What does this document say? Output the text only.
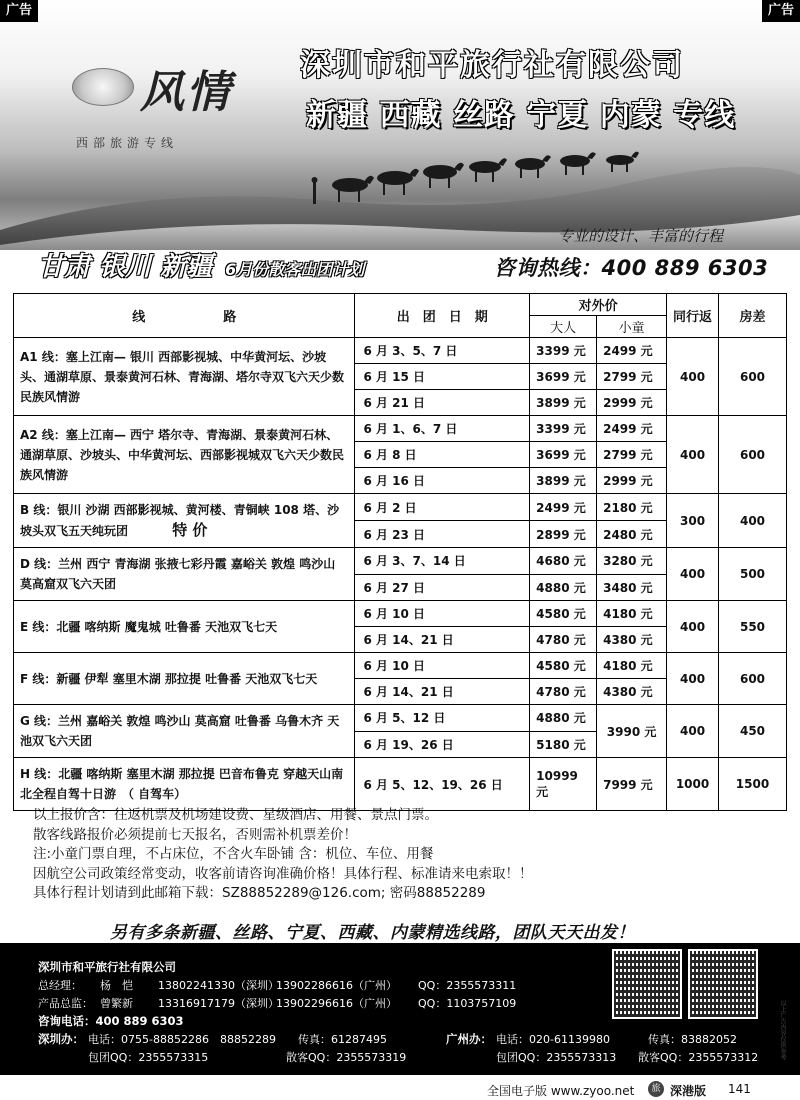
广告	广告
风情
西部旅游专线
深圳市和平旅行社有限公司
新疆 西藏 丝路 宁夏 内蒙 专线
专业的设计、丰富的行程
甘肃 银川 新疆 6月份散客出团计划	咨询热线：400 889 6303
线　　　　　　路	出　团　日　期	对外价		同行返	房差
		大人	小童		
A1 线：塞上江南— 银川 西部影视城、中华黄河坛、沙坡头、通湖草原、景泰黄河石林、青海湖、塔尔寺双飞六天少数民族风情游	6 月 3、5、7 日	3399 元	2499 元	400	600
	6 月 15 日	3699 元	2799 元		
	6 月 21 日	3899 元	2999 元		
A2 线：塞上江南— 西宁 塔尔寺、青海湖、景泰黄河石林、通湖草原、沙坡头、中华黄河坛、西部影视城双飞六天少数民族风情游	6 月 1、6、7 日	3399 元	2499 元	400	600
	6 月 8 日	3699 元	2799 元		
	6 月 16 日	3899 元	2999 元		
B 线：银川 沙湖 西部影视城、黄河楼、青铜峡 108 塔、沙坡头双飞五天纯玩团 特 价	6 月 2 日	2499 元	2180 元	300	400
	6 月 23 日	2899 元	2480 元		
D 线：兰州 西宁 青海湖 张掖七彩丹霞 嘉峪关 敦煌 鸣沙山 莫高窟双飞六天团	6 月 3、7、14 日	4680 元	3280 元	400	500
	6 月 27 日	4880 元	3480 元		
E 线：北疆 喀纳斯 魔鬼城 吐鲁番 天池双飞七天	6 月 10 日	4580 元	4180 元	400	550
	6 月 14、21 日	4780 元	4380 元		
F 线：新疆 伊犁 塞里木湖 那拉提 吐鲁番 天池双飞七天	6 月 10 日	4580 元	4180 元	400	600
	6 月 14、21 日	4780 元	4380 元		
G 线：兰州 嘉峪关 敦煌 鸣沙山 莫高窟 吐鲁番 乌鲁木齐 天池双飞六天团	6 月 5、12 日	4880 元	3990 元	400	450
	6 月 19、26 日	5180 元			
H 线：北疆 喀纳斯 塞里木湖 那拉提 巴音布鲁克 穿越天山南北全程自驾十日游　（ 自驾车）	6 月 5、12、19、26 日	10999 元	7999 元	1000	1500
以上报价含：往返机票及机场建设费、星级酒店、用餐、景点门票。
散客线路报价必须提前七天报名，否则需补机票差价！
注:小童门票自理，不占床位，不含火车卧铺 含：机位、车位、用餐
因航空公司政策经常变动，收客前请咨询准确价格！具体行程、标准请来电索取！！
具体行程计划请到此邮箱下载：SZ88852289@126.com; 密码88852289
另有多条新疆、丝路、宁夏、西藏、内蒙精选线路，团队天天出发！
深圳市和平旅行社有限公司
总经理： 杨　恺 13802241330（深圳）
13902286616（广州） QQ：2355573311
产品总监： 曾繁新 13316917179（深圳）
13902296616（广州） QQ：1103757109
咨询电话：400 889 6303
深圳办： 电话：0755-88852286　88852289 传真：61287495	广州办： 电话：020-61139980	传真：83882052
包团QQ：2355573315	散客QQ：2355573319	包团QQ：2355573313 散客QQ：2355573312	以上广告内容仅供参考
全国电子版 www.zyoo.net	旅 深港版 141
